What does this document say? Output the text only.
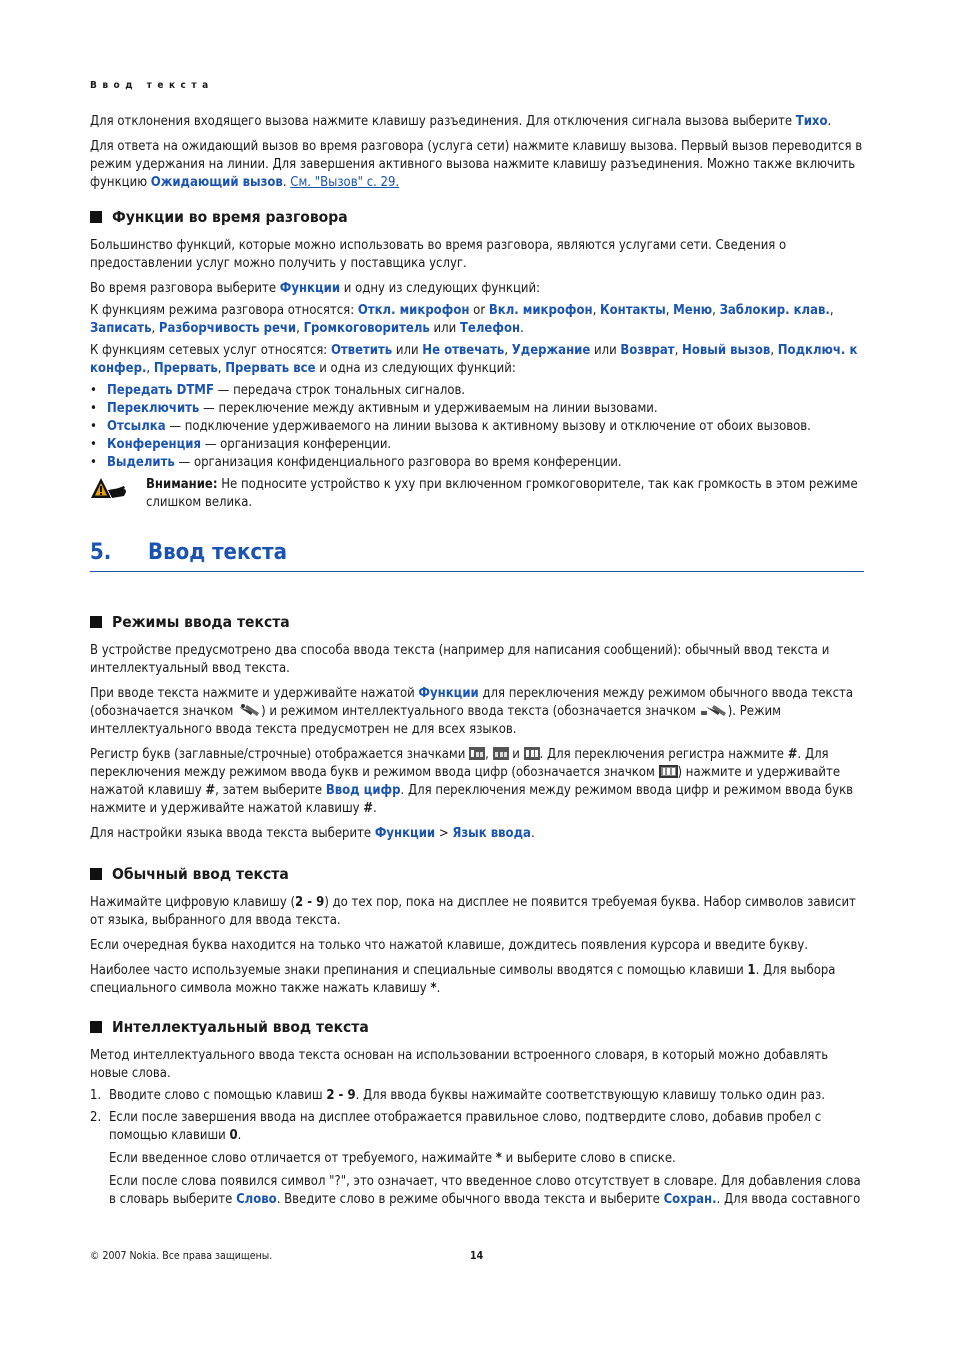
Ввод текста

Для отклонения входящего вызова нажмите клавишу разъединения. Для отключения сигнала вызова выберите Тихо.

Для ответа на ожидающий вызов во время разговора (услуга сети) нажмите клавишу вызова. Первый вызов переводится в режим удержания на линии. Для завершения активного вызова нажмите клавишу разъединения. Можно также включить функцию Ожидающий вызов. См. "Вызов" с. 29.

Функции во время разговора

Большинство функций, которые можно использовать во время разговора, являются услугами сети. Сведения о предоставлении услуг можно получить у поставщика услуг.

Во время разговора выберите Функции и одну из следующих функций:

К функциям режима разговора относятся: Откл. микрофон or Вкл. микрофон, Контакты, Меню, Заблокир. клав., Записать, Разборчивость речи, Громкоговоритель или Телефон.

К функциям сетевых услуг относятся: Ответить или Не отвечать, Удержание или Возврат, Новый вызов, Подключ. к конфер., Прервать, Прервать все и одна из следующих функций:

• Передать DTMF — передача строк тональных сигналов.
• Переключить — переключение между активным и удерживаемым на линии вызовами.
• Отсылка — подключение удерживаемого на линии вызова к активному вызову и отключение от обоих вызовов.
• Конференция — организация конференции.
• Выделить — организация конфиденциального разговора во время конференции.

Внимание: Не подносите устройство к уху при включенном громкоговорителе, так как громкость в этом режиме слишком велика.

5. Ввод текста
Режимы ввода текста

В устройстве предусмотрено два способа ввода текста (например для написания сообщений): обычный ввод текста и интеллектуальный ввод текста.

При вводе текста нажмите и удерживайте нажатой Функции для переключения между режимом обычного ввода текста (обозначается значком ) и режимом интеллектуального ввода текста (обозначается значком ). Режим интеллектуального ввода текста предусмотрен не для всех языков.

Регистр букв (заглавные/строчные) отображается значками ,  и . Для переключения регистра нажмите #. Для переключения между режимом ввода букв и режимом ввода цифр (обозначается значком ) нажмите и удерживайте нажатой клавишу #, затем выберите Ввод цифр. Для переключения между режимом ввода цифр и режимом ввода букв нажмите и удерживайте нажатой клавишу #.

Для настройки языка ввода текста выберите Функции > Язык ввода.

Обычный ввод текста

Нажимайте цифровую клавишу (2 - 9) до тех пор, пока на дисплее не появится требуемая буква. Набор символов зависит от языка, выбранного для ввода текста.

Если очередная буква находится на только что нажатой клавише, дождитесь появления курсора и введите букву.

Наиболее часто используемые знаки препинания и специальные символы вводятся с помощью клавиши 1. Для выбора специального символа можно также нажать клавишу *.

Интеллектуальный ввод текста

Метод интеллектуального ввода текста основан на использовании встроенного словаря, в который можно добавлять новые слова.

1. Вводите слово с помощью клавиш 2 - 9. Для ввода буквы нажимайте соответствующую клавишу только один раз.
2. Если после завершения ввода на дисплее отображается правильное слово, подтвердите слово, добавив пробел с помощью клавиши 0.

Если введенное слово отличается от требуемого, нажимайте * и выберите слово в списке.

Если после слова появился символ "?", это означает, что введенное слово отсутствует в словаре. Для добавления слова в словарь выберите Слово. Введите слово в режиме обычного ввода текста и выберите Сохран.. Для ввода составного

© 2007 Nokia. Все права защищены.	14
